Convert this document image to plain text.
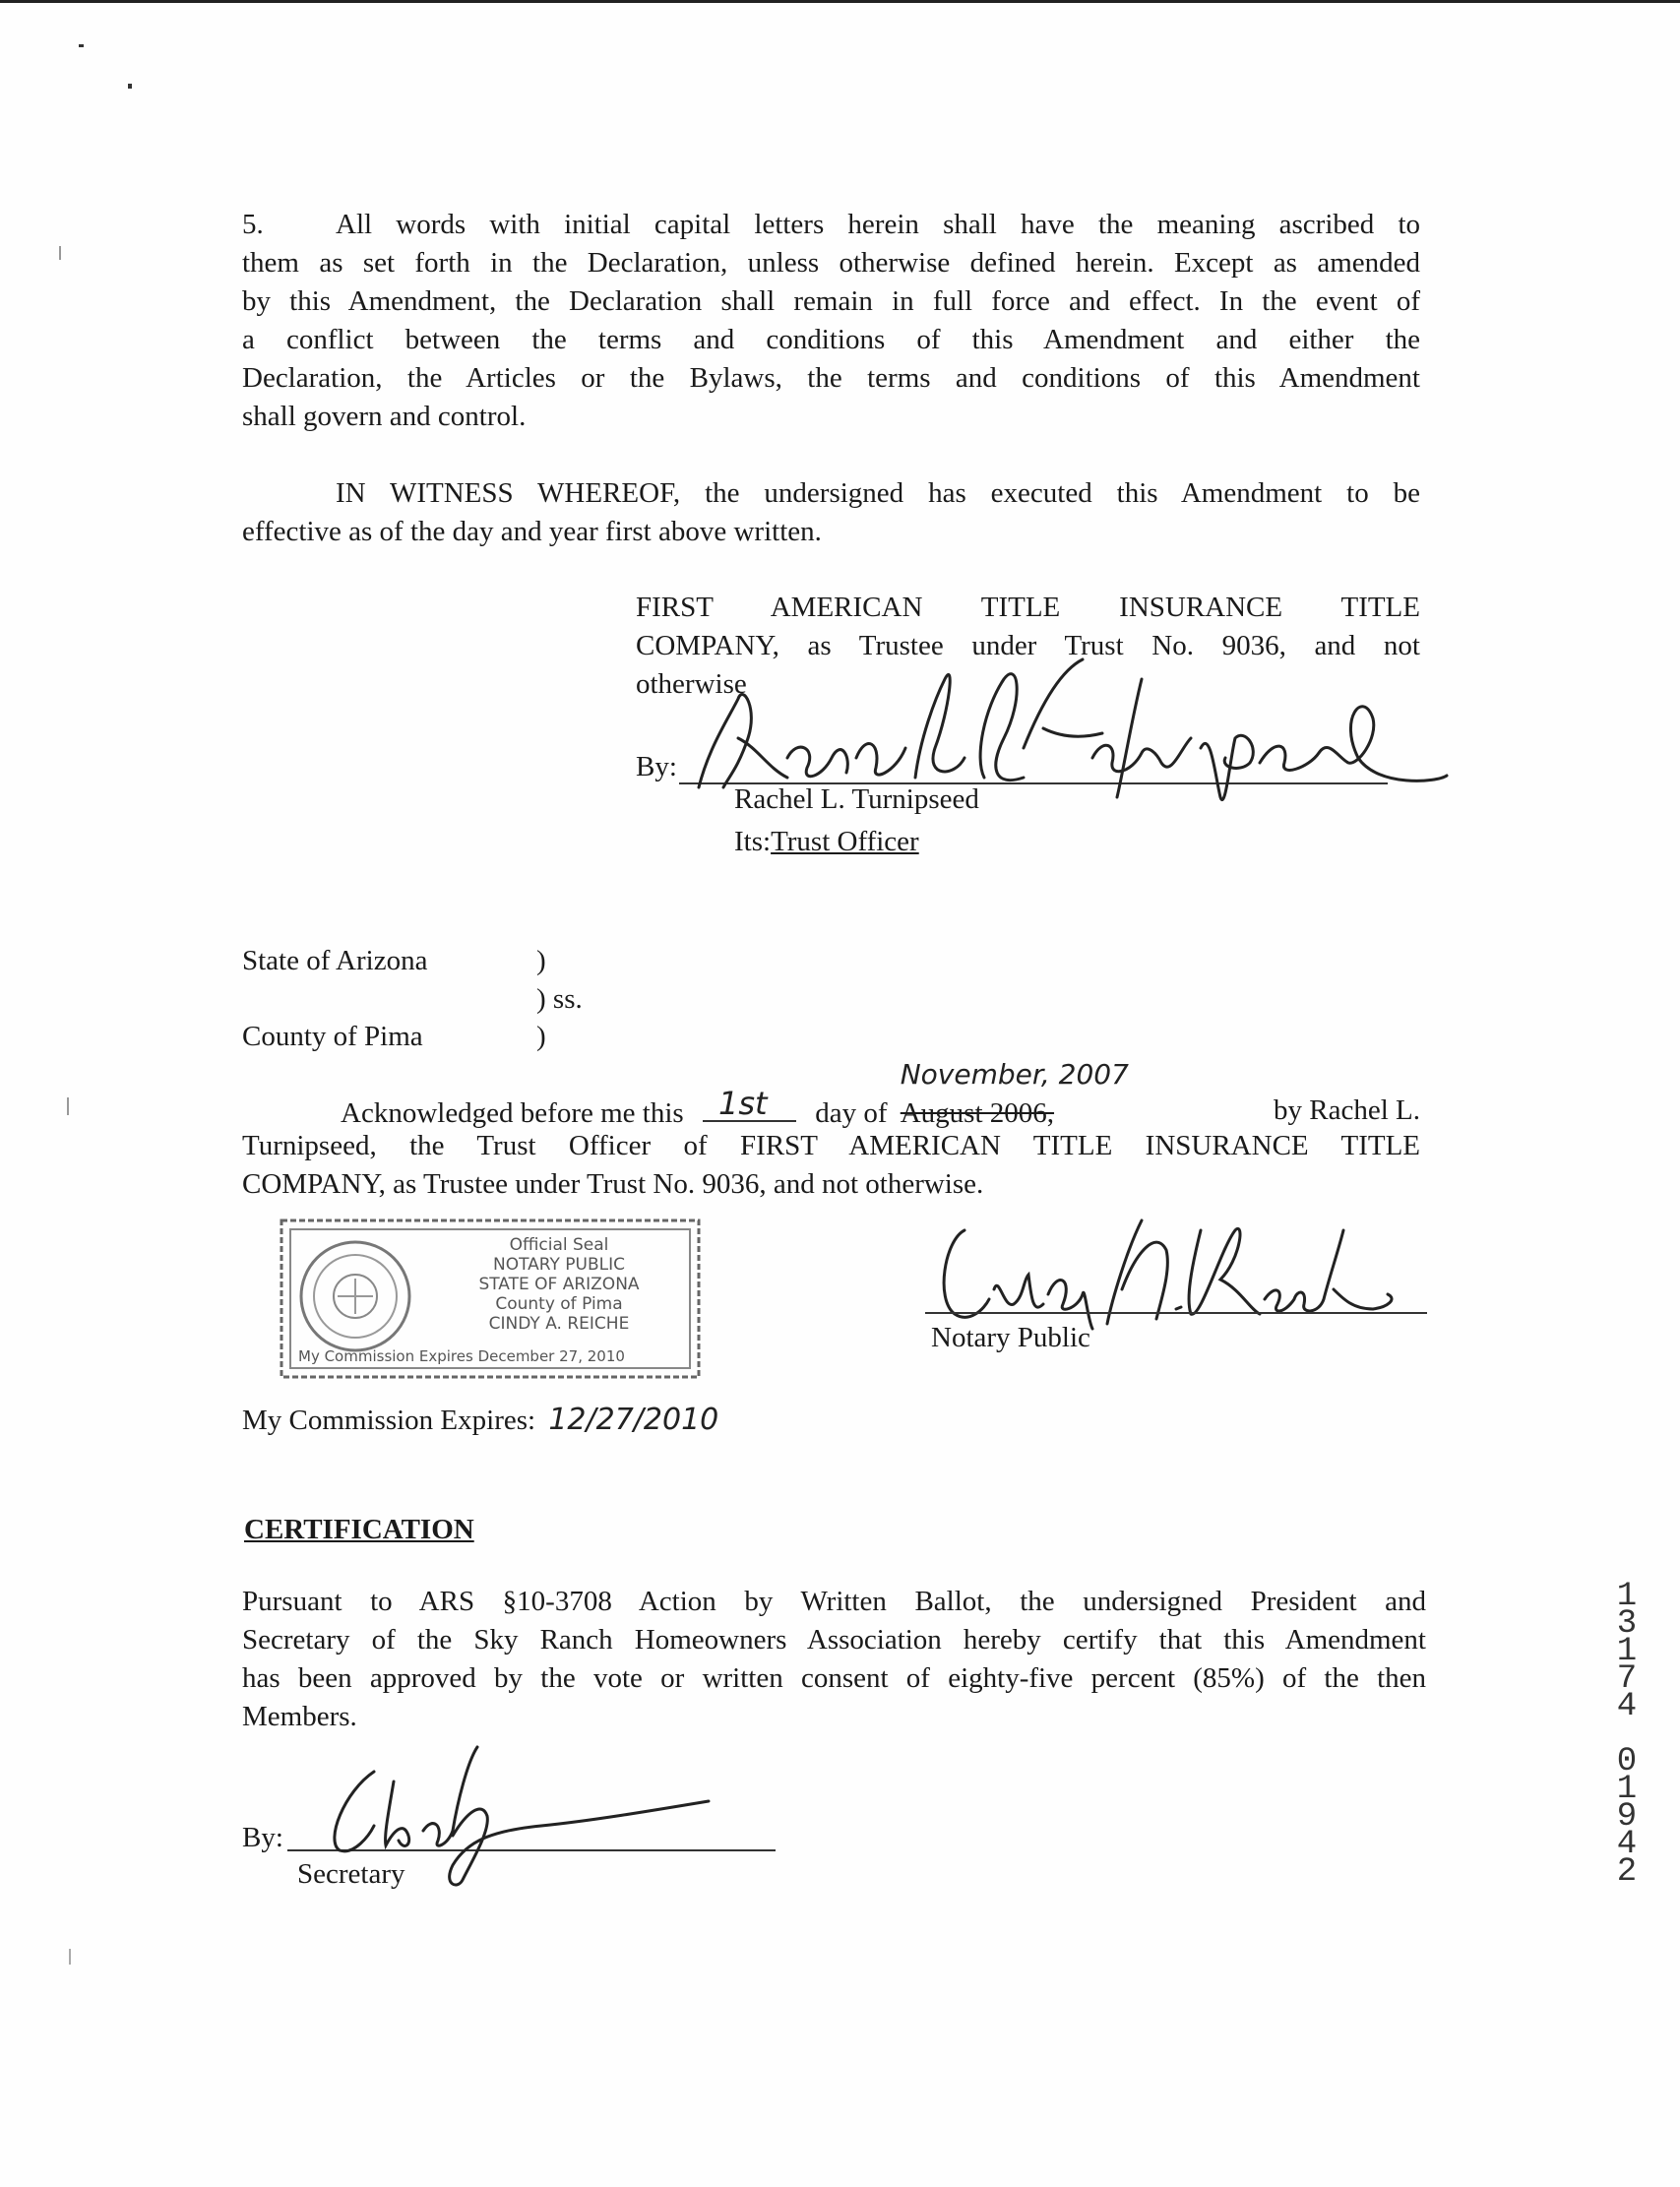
5.	All words with initial capital letters herein shall have the meaning ascribed to
them as set forth in the Declaration, unless otherwise defined herein. Except as amended
by this Amendment, the Declaration shall remain in full force and effect. In the event of
a conflict between the terms and conditions of this Amendment and either the
Declaration, the Articles or the Bylaws, the terms and conditions of this Amendment
shall govern and control.
IN WITNESS WHEREOF, the undersigned has executed this Amendment to be
effective as of the day and year first above written.
FIRST AMERICAN TITLE INSURANCE TITLE
COMPANY, as Trustee under Trust No. 9036, and not
otherwise
By:
Rachel L. Turnipseed
Its:Trust Officer
State of Arizona	)
) ss.
County of Pima	)
Acknowledged before me this 1st day of August 2006,
November, 2007
by Rachel L.
Turnipseed, the Trust Officer of FIRST AMERICAN TITLE INSURANCE TITLE
COMPANY, as Trustee under Trust No. 9036, and not otherwise.
Official Seal
NOTARY PUBLIC
STATE OF ARIZONA
County of Pima
CINDY A. REICHE
My Commission Expires December 27, 2010
Notary Public
My Commission Expires: 12/27/2010
CERTIFICATION
Pursuant to ARS §10-3708 Action by Written Ballot, the undersigned President and
Secretary of the Sky Ranch Homeowners Association hereby certify that this Amendment
has been approved by the vote or written consent of eighty-five percent (85%) of the then
Members.
By:
Secretary
1
3
1
7
4
0
1
9
4
2
